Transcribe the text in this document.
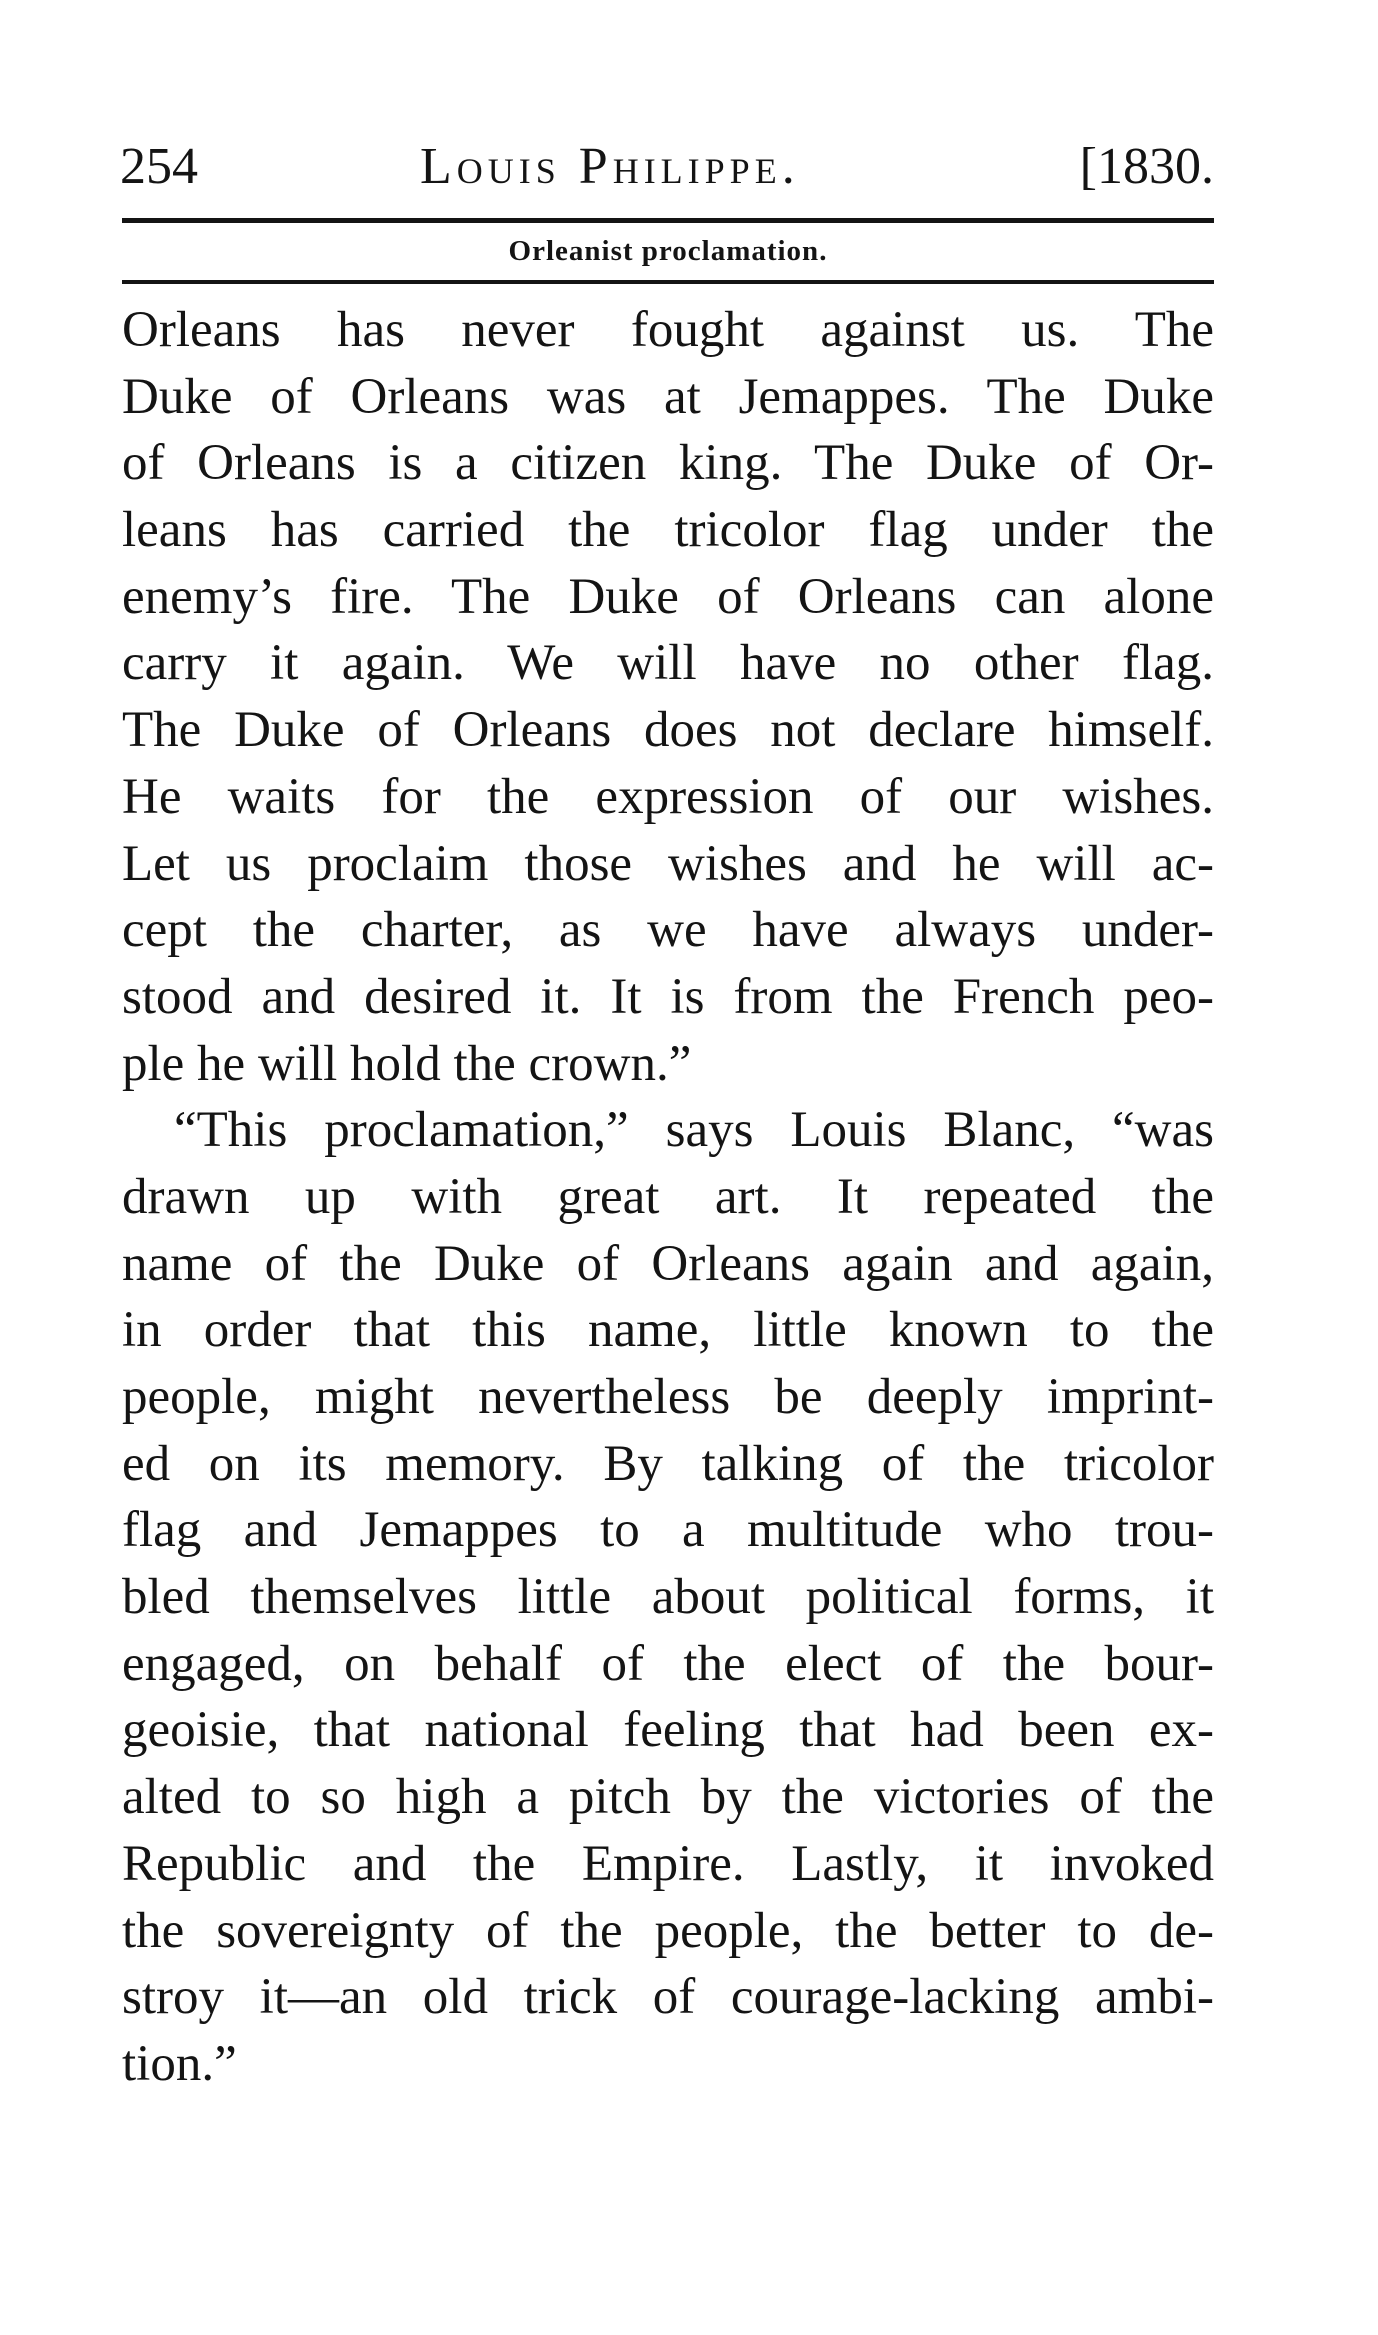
254	Louis Philippe.	[1830.
Orleanist proclamation.
Orleans has never fought against us. The
Duke of Orleans was at Jemappes. The Duke
of Orleans is a citizen king. The Duke of Or-
leans has carried the tricolor flag under the
enemy’s fire. The Duke of Orleans can alone
carry it again. We will have no other flag.
The Duke of Orleans does not declare himself.
He waits for the expression of our wishes.
Let us proclaim those wishes and he will ac-
cept the charter, as we have always under-
stood and desired it. It is from the French peo-
ple he will hold the crown.”
“This proclamation,” says Louis Blanc, “was
drawn up with great art. It repeated the
name of the Duke of Orleans again and again,
in order that this name, little known to the
people, might nevertheless be deeply imprint-
ed on its memory. By talking of the tricolor
flag and Jemappes to a multitude who trou-
bled themselves little about political forms, it
engaged, on behalf of the elect of the bour-
geoisie, that national feeling that had been ex-
alted to so high a pitch by the victories of the
Republic and the Empire. Lastly, it invoked
the sovereignty of the people, the better to de-
stroy it—an old trick of courage-lacking ambi-
tion.”
